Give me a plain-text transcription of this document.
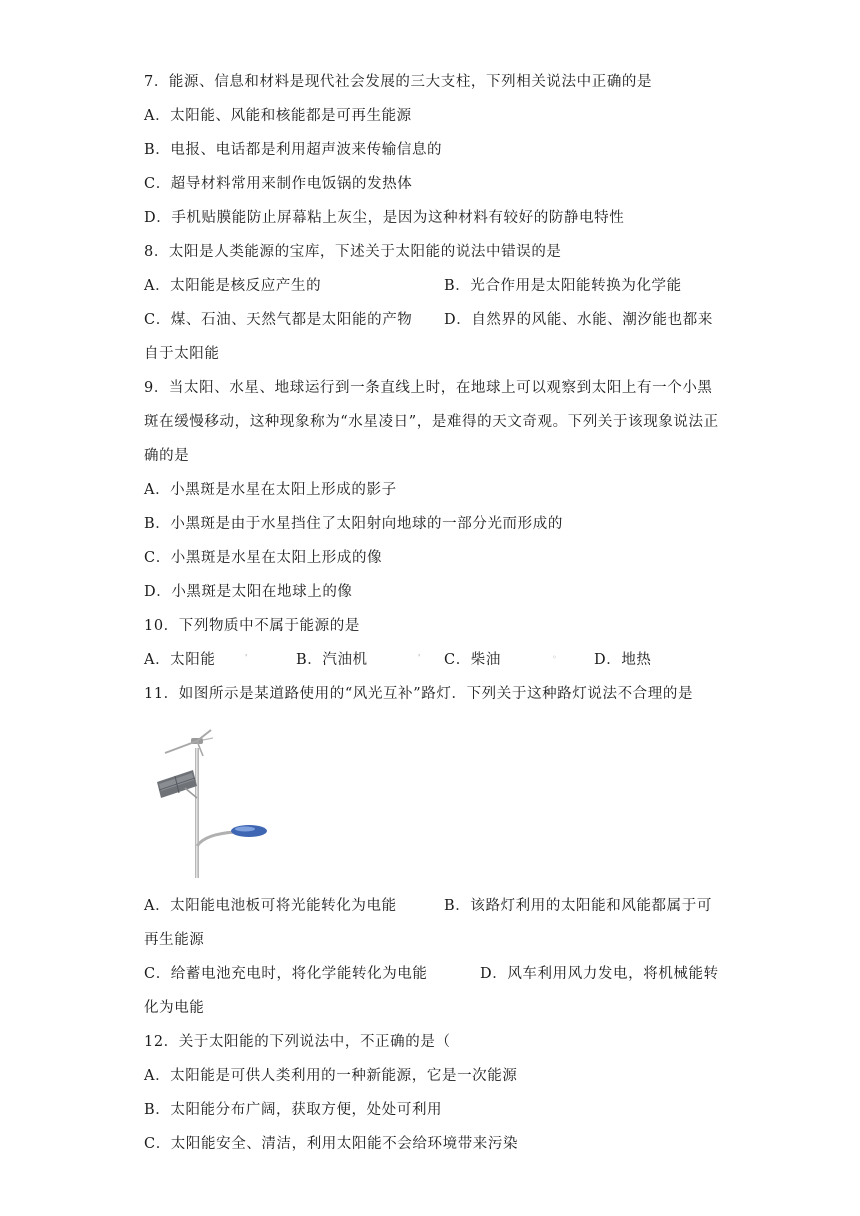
7．能源、信息和材料是现代社会发展的三大支柱，下列相关说法中正确的是
A．太阳能、风能和核能都是可再生能源
B．电报、电话都是利用超声波来传输信息的
C．超导材料常用来制作电饭锅的发热体
D．手机贴膜能防止屏幕粘上灰尘，是因为这种材料有较好的防静电特性
8．太阳是人类能源的宝库，下述关于太阳能的说法中错误的是
A．太阳能是核反应产生的	B．光合作用是太阳能转换为化学能
C．煤、石油、天然气都是太阳能的产物 D．自然界的风能、水能、潮汐能也都来
自于太阳能
9．当太阳、水星、地球运行到一条直线上时，在地球上可以观察到太阳上有一个小黑
斑在缓慢移动，这种现象称为“水星凌日”，是难得的天文奇观。下列关于该现象说法正
确的是
A．小黑斑是水星在太阳上形成的影子
B．小黑斑是由于水星挡住了太阳射向地球的一部分光而形成的
C．小黑斑是水星在太阳上形成的像
D．小黑斑是太阳在地球上的像
10．下列物质中不属于能源的是
A．太阳能	'	B．汽油机	' C．柴油	◦	D．地热
11．如图所示是某道路使用的“风光互补”路灯．下列关于这种路灯说法不合理的是
A．太阳能电池板可将光能转化为电能	B．该路灯利用的太阳能和风能都属于可
再生能源
C．给蓄电池充电时，将化学能转化为电能	D．风车利用风力发电，将机械能转
化为电能
12．关于太阳能的下列说法中，不正确的是（
A．太阳能是可供人类利用的一种新能源，它是一次能源
B．太阳能分布广阔，获取方便，处处可利用
C．太阳能安全、清洁，利用太阳能不会给环境带来污染
